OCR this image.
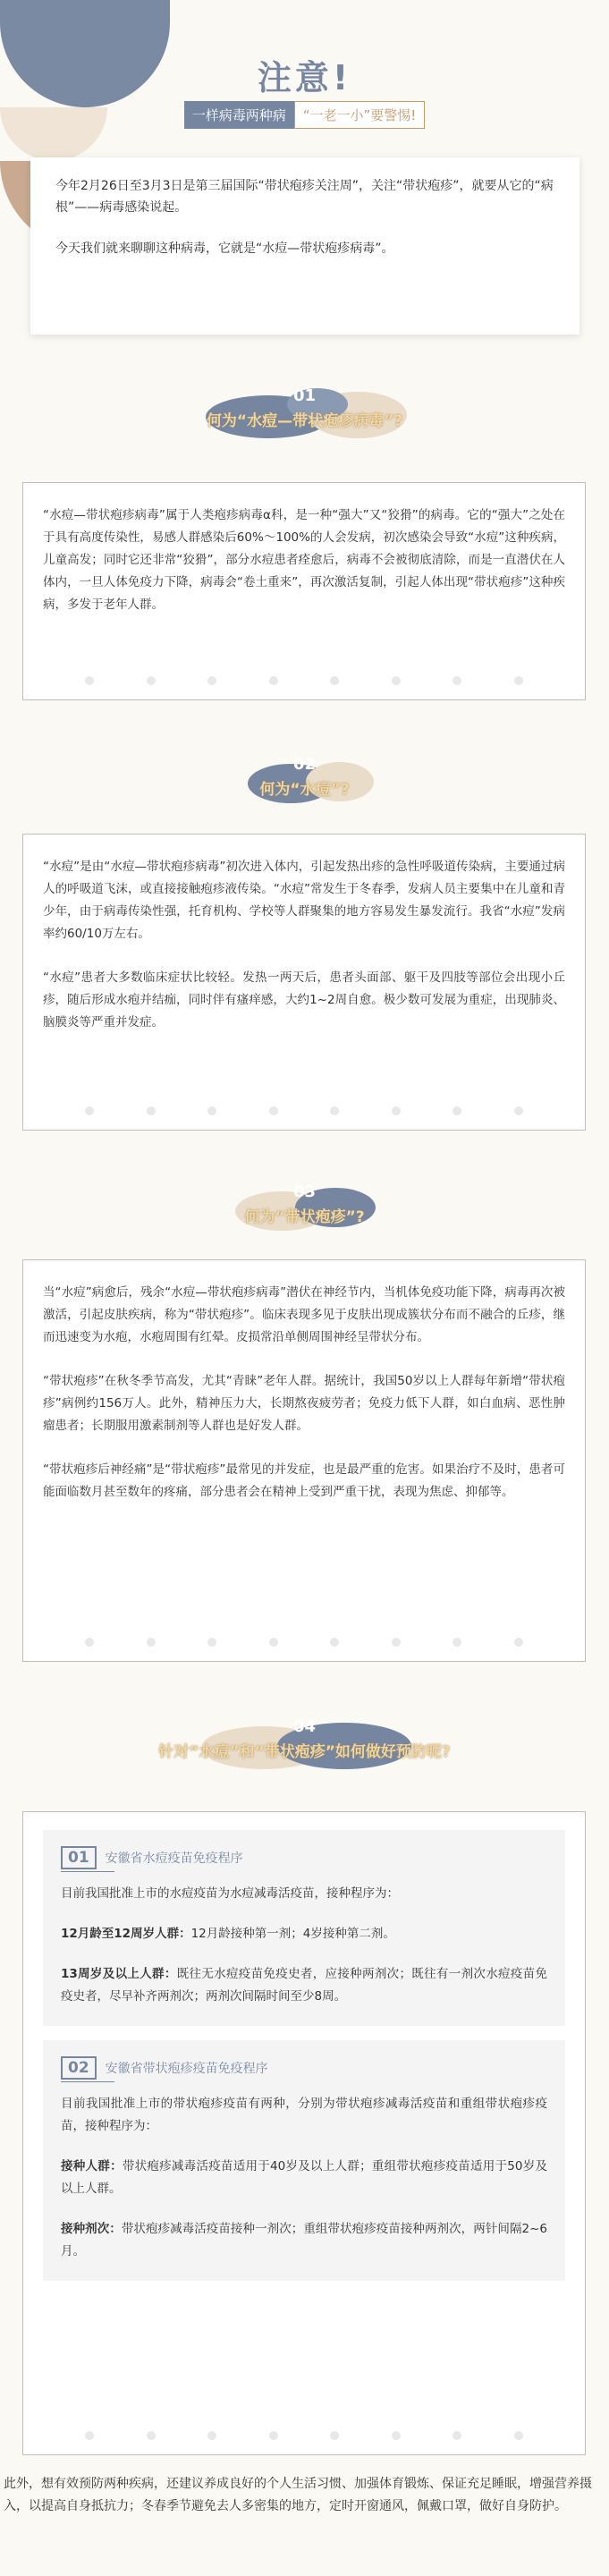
注意!
一样病毒两种病	“一老一小”要警惕!

今年2月26日至3月3日是第三届国际“带状疱疹关注周”，关注“带状疱疹”，就要从它的“病根”——病毒感染说起。

今天我们就来聊聊这种病毒，它就是“水痘—带状疱疹病毒”。

01
何为“水痘—带状疱疹病毒”?

“水痘—带状疱疹病毒”属于人类疱疹病毒α科，是一种“强大”又“狡猾”的病毒。它的“强大”之处在于具有高度传染性，易感人群感染后60%～100%的人会发病，初次感染会导致“水痘”这种疾病，儿童高发；同时它还非常“狡猾”，部分水痘患者痊愈后，病毒不会被彻底清除，而是一直潜伏在人体内，一旦人体免疫力下降，病毒会“卷土重来”，再次激活复制，引起人体出现“带状疱疹”这种疾病，多发于老年人群。

02
何为“水痘”?

“水痘”是由“水痘—带状疱疹病毒”初次进入体内，引起发热出疹的急性呼吸道传染病，主要通过病人的呼吸道飞沫，或直接接触疱疹液传染。“水痘”常发生于冬春季，发病人员主要集中在儿童和青少年，由于病毒传染性强，托育机构、学校等人群聚集的地方容易发生暴发流行。我省“水痘”发病率约60/10万左右。

“水痘”患者大多数临床症状比较轻。发热一两天后，患者头面部、躯干及四肢等部位会出现小丘疹，随后形成水疱并结痂，同时伴有瘙痒感，大约1~2周自愈。极少数可发展为重症，出现肺炎、脑膜炎等严重并发症。

03
何为“带状疱疹”?

当“水痘”病愈后，残余“水痘—带状疱疹病毒”潜伏在神经节内，当机体免疫功能下降，病毒再次被激活，引起皮肤疾病，称为“带状疱疹”。临床表现多见于皮肤出现成簇状分布而不融合的丘疹，继而迅速变为水疱，水疱周围有红晕。皮损常沿单侧周围神经呈带状分布。

“带状疱疹”在秋冬季节高发，尤其“青睐”老年人群。据统计，我国50岁以上人群每年新增“带状疱疹”病例约156万人。此外，精神压力大，长期熬夜疲劳者；免疫力低下人群，如白血病、恶性肿瘤患者；长期服用激素制剂等人群也是好发人群。

“带状疱疹后神经痛”是“带状疱疹”最常见的并发症，也是最严重的危害。如果治疗不及时，患者可能面临数月甚至数年的疼痛，部分患者会在精神上受到严重干扰，表现为焦虑、抑郁等。

04
针对“水痘”和“带状疱疹”如何做好预防呢?
01	安徽省水痘疫苗免疫程序

目前我国批准上市的水痘疫苗为水痘减毒活疫苗，接种程序为：

12月龄至12周岁人群：12月龄接种第一剂；4岁接种第二剂。

13周岁及以上人群：既往无水痘疫苗免疫史者，应接种两剂次；既往有一剂次水痘疫苗免疫史者，尽早补齐两剂次；两剂次间隔时间至少8周。

02	安徽省带状疱疹疫苗免疫程序

目前我国批准上市的带状疱疹疫苗有两种，分别为带状疱疹减毒活疫苗和重组带状疱疹疫苗，接种程序为：

接种人群：带状疱疹减毒活疫苗适用于40岁及以上人群；重组带状疱疹疫苗适用于50岁及以上人群。

接种剂次：带状疱疹减毒活疫苗接种一剂次；重组带状疱疹疫苗接种两剂次，两针间隔2~6月。

此外，想有效预防两种疾病，还建议养成良好的个人生活习惯、加强体育锻炼、保证充足睡眠，增强营养摄入，以提高自身抵抗力；冬春季节避免去人多密集的地方，定时开窗通风，佩戴口罩，做好自身防护。
